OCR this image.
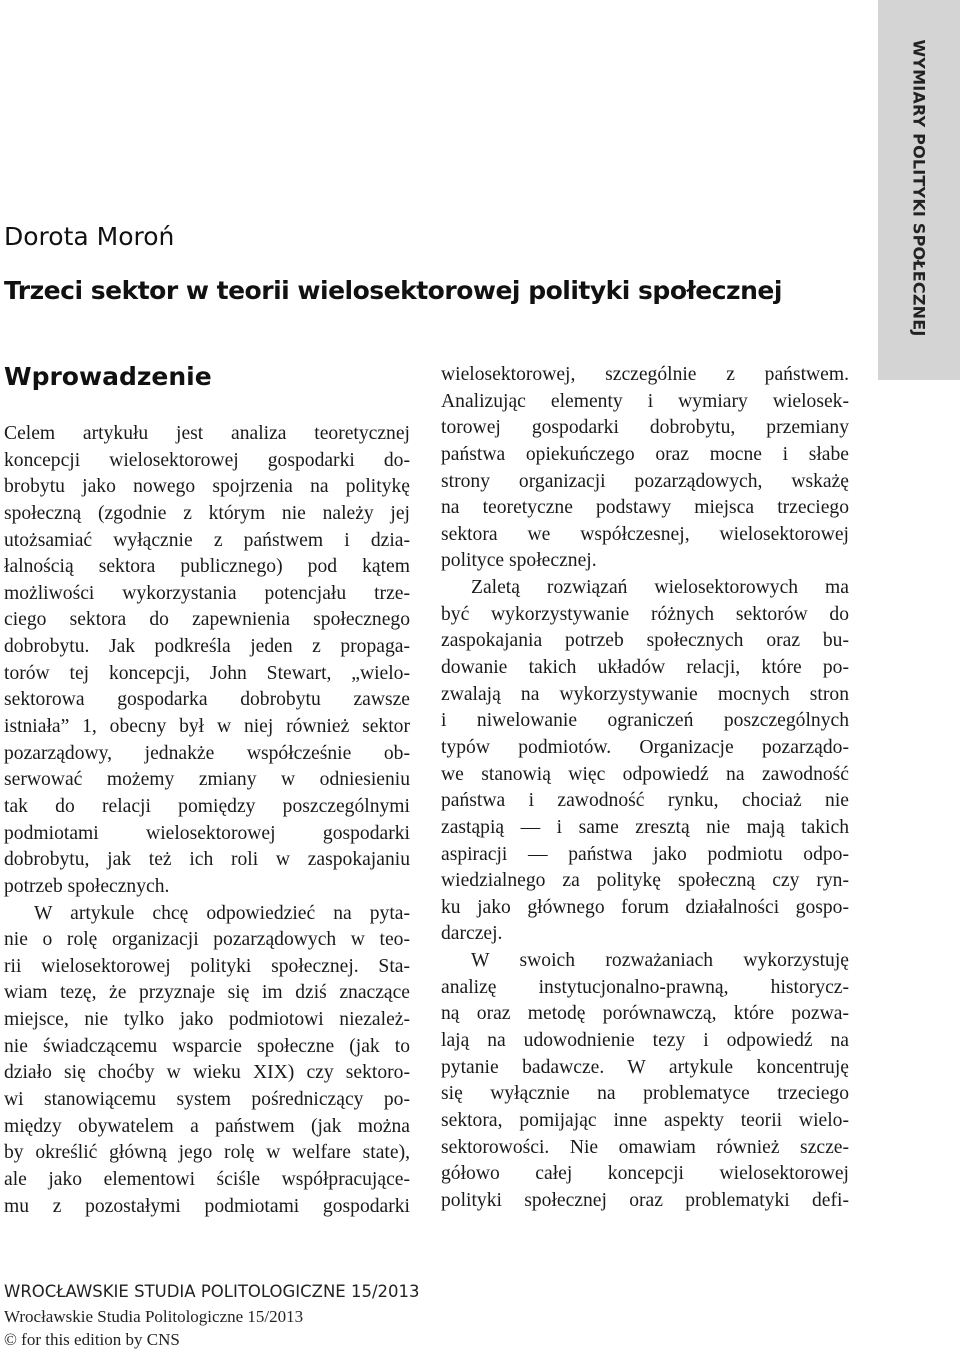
WYMIARY POLITYKI SPOŁECZNEJ
Dorota Moroń
Trzeci sektor w teorii wielosektorowej polityki społecznej
Wprowadzenie
Celem artykułu jest analiza teoretycznej
koncepcji wielosektorowej gospodarki do-
brobytu jako nowego spojrzenia na politykę
społeczną (zgodnie z którym nie należy jej
utożsamiać wyłącznie z państwem i dzia-
łalnością sektora publicznego) pod kątem
możliwości wykorzystania potencjału trze-
ciego sektora do zapewnienia społecznego
dobrobytu. Jak podkreśla jeden z propaga-
torów tej koncepcji, John Stewart, „wielo-
sektorowa gospodarka dobrobytu zawsze
istniała” 1, obecny był w niej również sektor
pozarządowy, jednakże współcześnie ob-
serwować możemy zmiany w odniesieniu
tak do relacji pomiędzy poszczególnymi
podmiotami wielosektorowej gospodarki
dobrobytu, jak też ich roli w zaspokajaniu
potrzeb społecznych.
W artykule chcę odpowiedzieć na pyta-
nie o rolę organizacji pozarządowych w teo-
rii wielosektorowej polityki społecznej. Sta-
wiam tezę, że przyznaje się im dziś znaczące
miejsce, nie tylko jako podmiotowi niezależ-
nie świadczącemu wsparcie społeczne (jak to
działo się choćby w wieku XIX) czy sektoro-
wi stanowiącemu system pośredniczący po-
między obywatelem a państwem (jak można
by określić główną jego rolę w welfare state),
ale jako elementowi ściśle współpracujące-
mu z pozostałymi podmiotami gospodarki
wielosektorowej, szczególnie z państwem.
Analizując elementy i wymiary wielosek-
torowej gospodarki dobrobytu, przemiany
państwa opiekuńczego oraz mocne i słabe
strony organizacji pozarządowych, wskażę
na teoretyczne podstawy miejsca trzeciego
sektora we współczesnej, wielosektorowej
polityce społecznej.
Zaletą rozwiązań wielosektorowych ma
być wykorzystywanie różnych sektorów do
zaspokajania potrzeb społecznych oraz bu-
dowanie takich układów relacji, które po-
zwalają na wykorzystywanie mocnych stron
i niwelowanie ograniczeń poszczególnych
typów podmiotów. Organizacje pozarządo-
we stanowią więc odpowiedź na zawodność
państwa i zawodność rynku, chociaż nie
zastąpią — i same zresztą nie mają takich
aspiracji — państwa jako podmiotu odpo-
wiedzialnego za politykę społeczną czy ryn-
ku jako głównego forum działalności gospo-
darczej.
W swoich rozważaniach wykorzystuję
analizę instytucjonalno-prawną, historycz-
ną oraz metodę porównawczą, które pozwa-
lają na udowodnienie tezy i odpowiedź na
pytanie badawcze. W artykule koncentruję
się wyłącznie na problematyce trzeciego
sektora, pomijając inne aspekty teorii wielo-
sektorowości. Nie omawiam również szcze-
gółowo całej koncepcji wielosektorowej
polityki społecznej oraz problematyki defi-
WROCŁAWSKIE STUDIA POLITOLOGICZNE 15/2013
Wrocławskie Studia Politologiczne 15/2013
© for this edition by CNS
